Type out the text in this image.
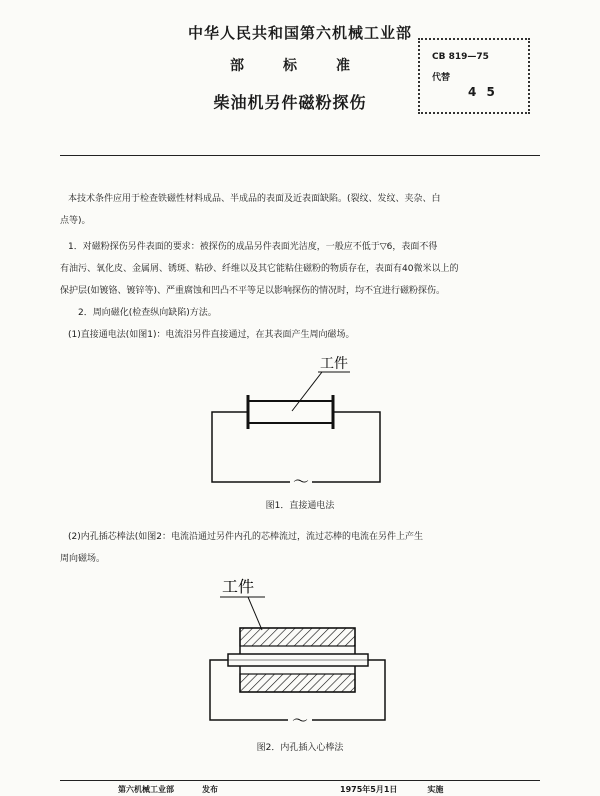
中华人民共和国第六机械工业部
部	标	准
柴油机另件磁粉探伤
CB 819—75
代替
4 5
本技术条件应用于检查铁磁性材料成品、半成品的表面及近表面缺陷。(裂纹、发纹、夹杂、白
点等)。
1．对磁粉探伤另件表面的要求：被探伤的成品另件表面光洁度，一般应不低于▽6，表面不得
有油污、氧化皮、金属屑、锈斑、粘砂、纤维以及其它能粘住磁粉的物质存在，表面有40微米以上的
保护层(如镀铬、镀锌等)、严重腐蚀和凹凸不平等足以影响探伤的情况时，均不宜进行磁粉探伤。
2．周向磁化(检查纵向缺陷)方法。
(1)直接通电法(如图1)：电流沿另件直接通过，在其表面产生周向磁场。
～
工件
图1．直接通电法
(2)内孔插芯棒法(如图2：电流沿通过另件内孔的芯棒流过，流过芯棒的电流在另件上产生
周向磁场。
～
工件
图2．内孔插入心棒法
第六机械工业部	发布	1975年5月1日	实施
